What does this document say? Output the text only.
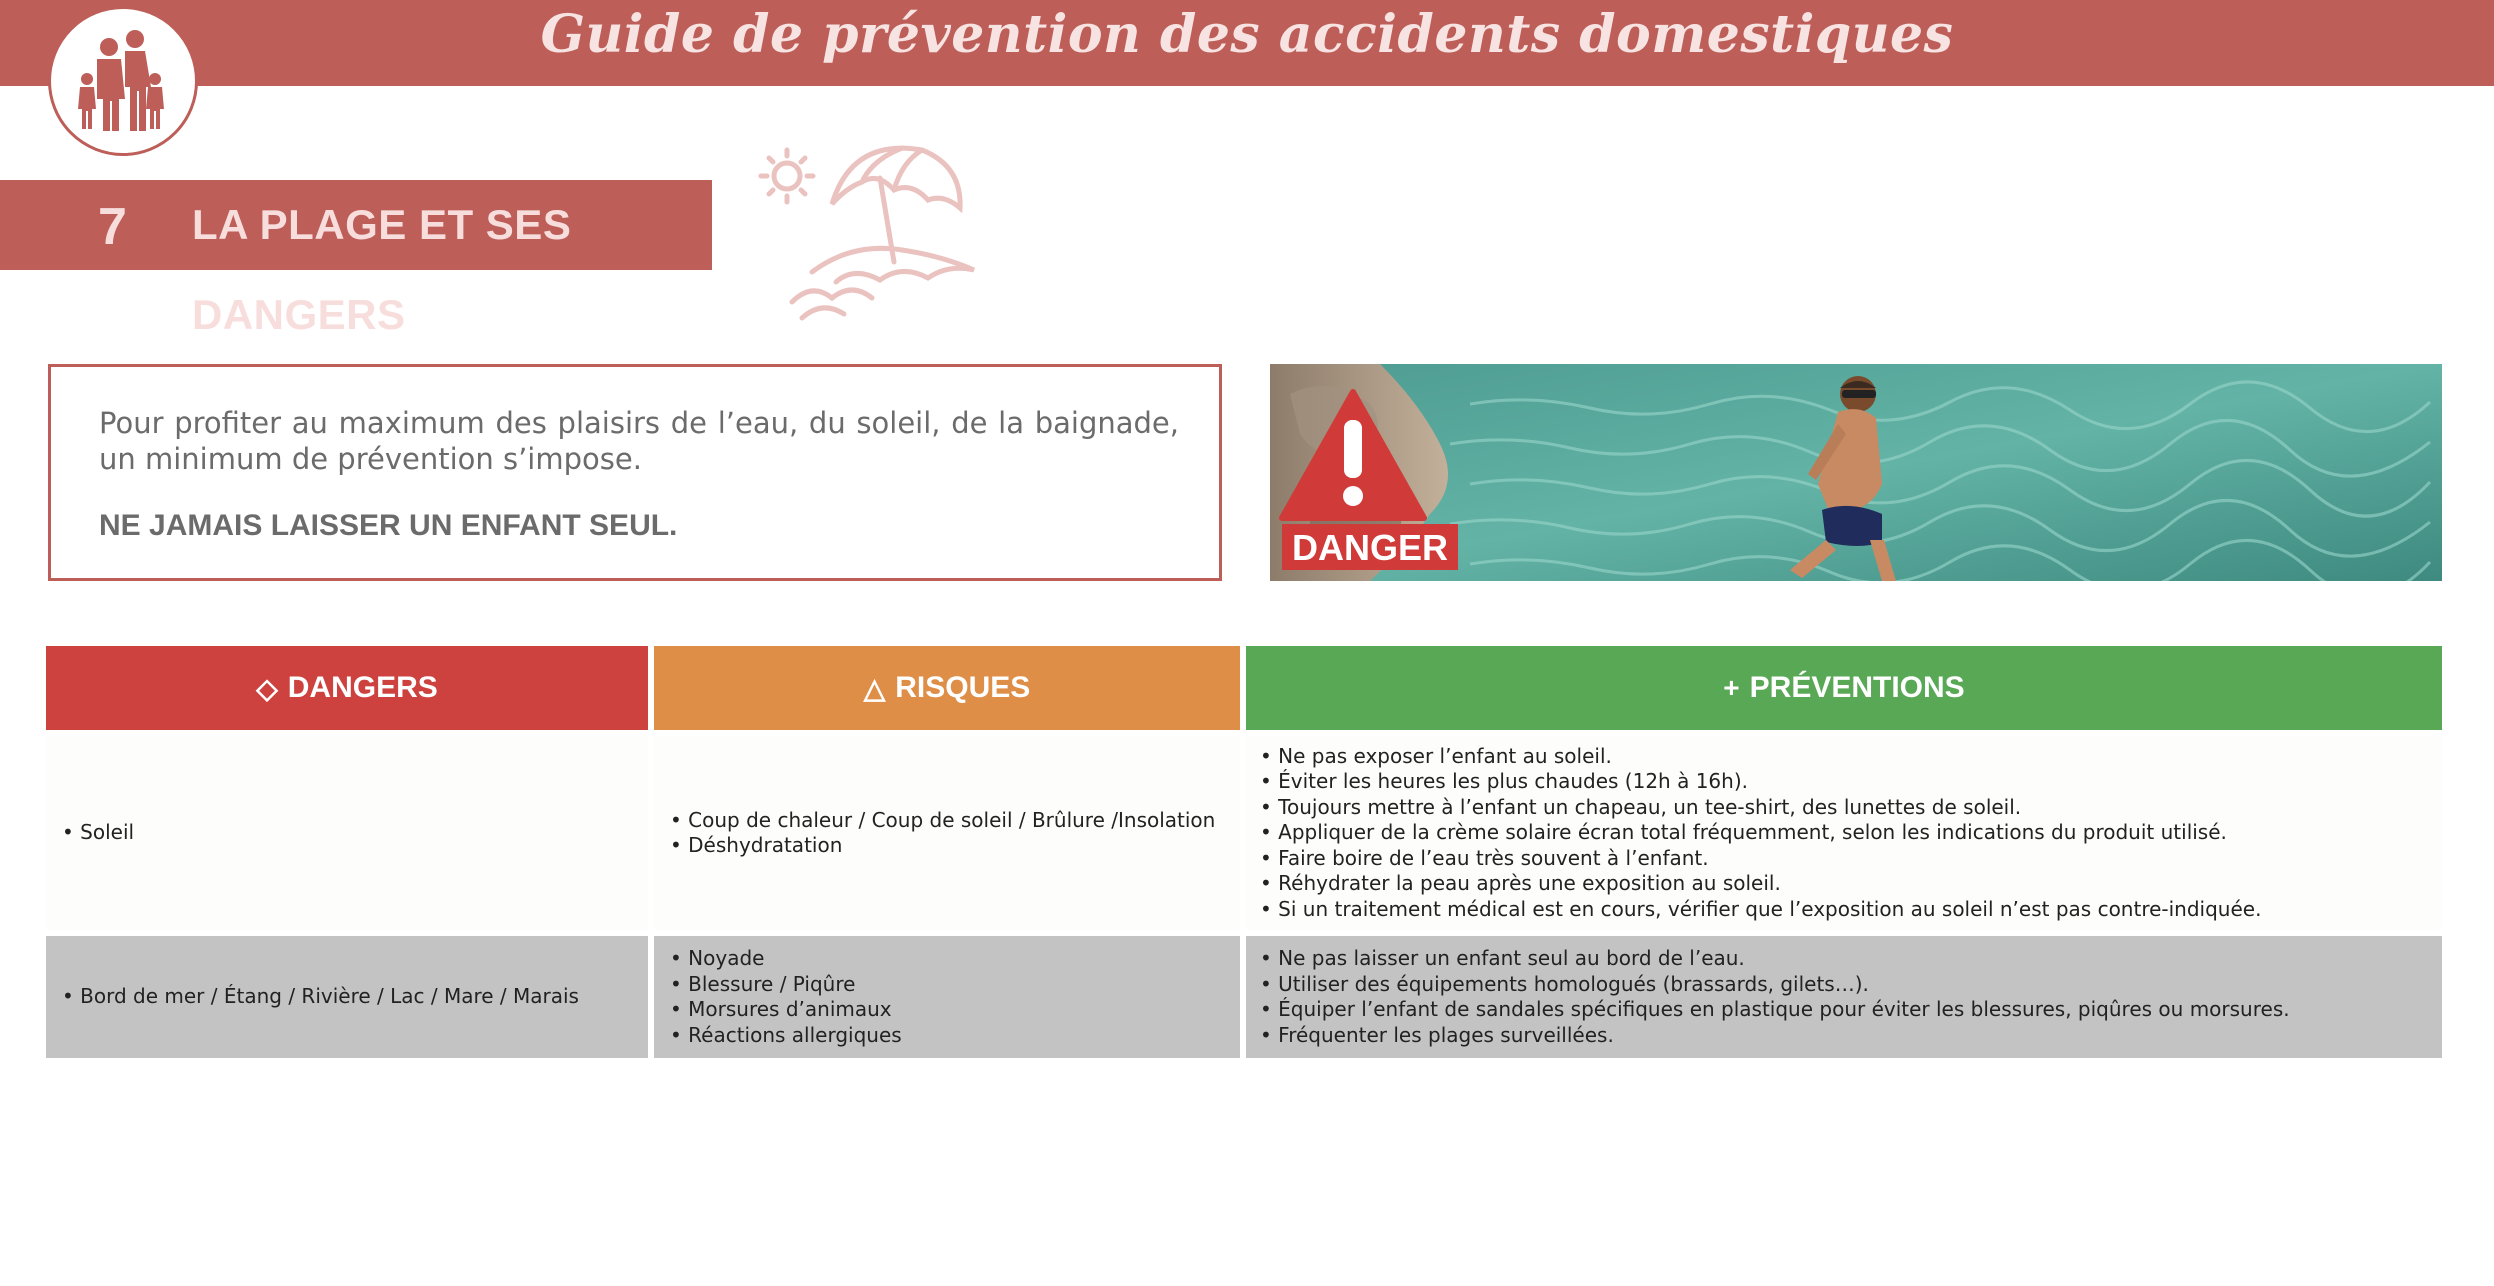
Guide de prévention des accidents domestiques
7 LA PLAGE ET SES DANGERS
Pour profiter au maximum des plaisirs de l’eau, du soleil, de la baignade, un minimum de prévention s’impose.
NE JAMAIS LAISSER UN ENFANT SEUL.
DANGER
◇ DANGERS	△ RISQUES	+ PRÉVENTIONS
• Soleil
• Coup de chaleur / Coup de soleil / Brûlure /Insolation
• Déshydratation
• Ne pas exposer l’enfant au soleil.
• Éviter les heures les plus chaudes (12h à 16h).
• Toujours mettre à l’enfant un chapeau, un tee-shirt, des lunettes de soleil.
• Appliquer de la crème solaire écran total fréquemment, selon les indications du produit utilisé.
• Faire boire de l’eau très souvent à l’enfant.
• Réhydrater la peau après une exposition au soleil.
• Si un traitement médical est en cours, vérifier que l’exposition au soleil n’est pas contre-indiquée.
• Bord de mer / Étang / Rivière / Lac / Mare / Marais
• Noyade
• Blessure / Piqûre
• Morsures d’animaux
• Réactions allergiques
• Ne pas laisser un enfant seul au bord de l’eau.
• Utiliser des équipements homologués (brassards, gilets…).
• Équiper l’enfant de sandales spécifiques en plastique pour éviter les blessures, piqûres ou morsures.
• Fréquenter les plages surveillées.
